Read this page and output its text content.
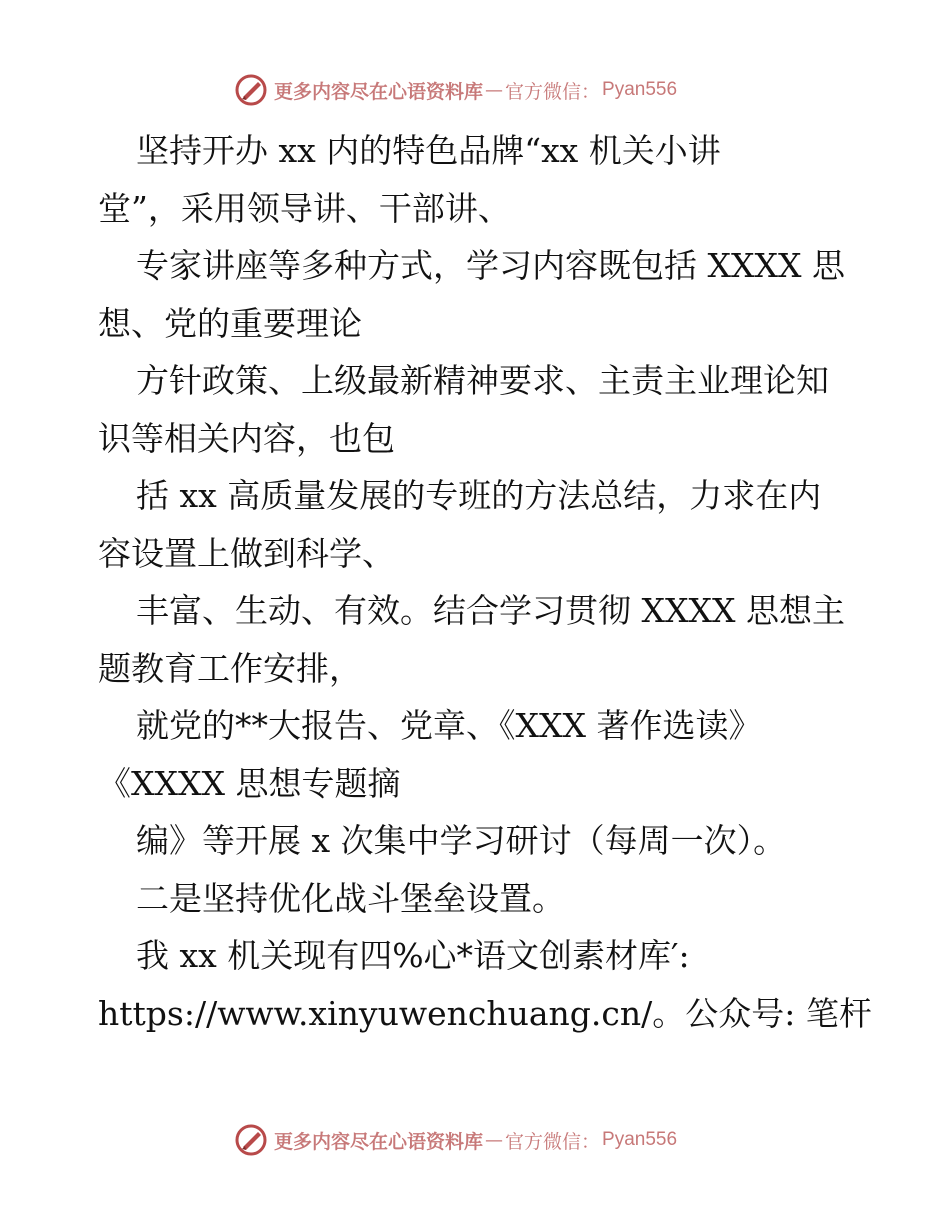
更多内容尽在心语资料库 — 官方微信： Pyan556
坚持开办 xx 内的特色品牌“xx 机关小讲
堂”，采用领导讲、干部讲、
专家讲座等多种方式，学习内容既包括 XXXX 思
想、党的重要理论
方针政策、上级最新精神要求、主责主业理论知
识等相关内容，也包
括 xx 高质量发展的专班的方法总结，力求在内
容设置上做到科学、
丰富、生动、有效。结合学习贯彻 XXXX 思想主
题教育工作安排，
就党的**大报告、党章、《XXX 著作选读》
《XXXX 思想专题摘
编》等开展 x 次集中学习研讨（每周一次）。
二是坚持优化战斗堡垒设置。
我 xx 机关现有四%心*语文创素材库′:
https://www.xinyuwenchuang.cn/。公众号: 笔杆
更多内容尽在心语资料库 — 官方微信： Pyan556
